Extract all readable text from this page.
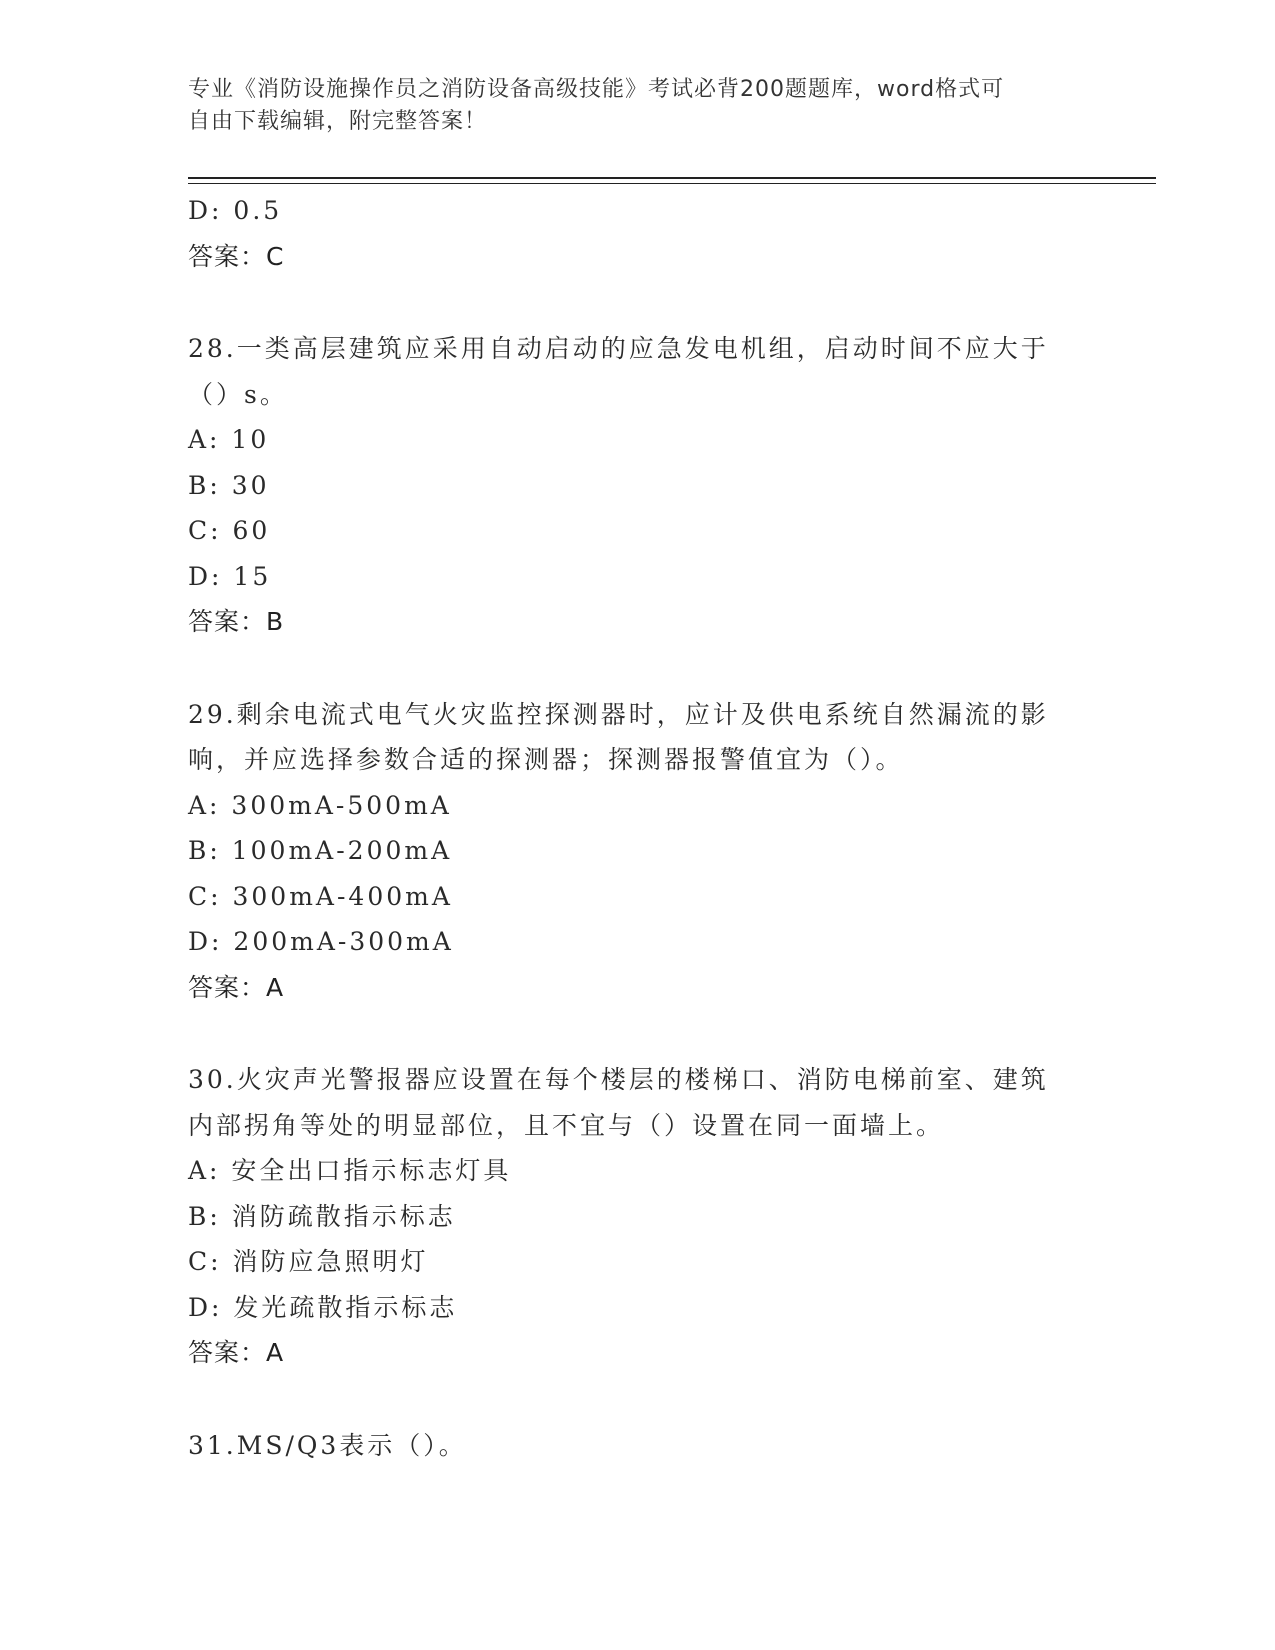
专业《消防设施操作员之消防设备高级技能》考试必背200题题库，word格式可
自由下载编辑，附完整答案！
D: 0.5
答案：C
28.一类高层建筑应采用自动启动的应急发电机组，启动时间不应大于
（）s。
A: 10
B: 30
C: 60
D: 15
答案：B
29.剩余电流式电气火灾监控探测器时，应计及供电系统自然漏流的影
响，并应选择参数合适的探测器；探测器报警值宜为（）。
A: 300mA-500mA
B: 100mA-200mA
C: 300mA-400mA
D: 200mA-300mA
答案：A
30.火灾声光警报器应设置在每个楼层的楼梯口、消防电梯前室、建筑
内部拐角等处的明显部位，且不宜与（）设置在同一面墙上。
A: 安全出口指示标志灯具
B: 消防疏散指示标志
C: 消防应急照明灯
D: 发光疏散指示标志
答案：A
31.MS/Q3表示（）。
